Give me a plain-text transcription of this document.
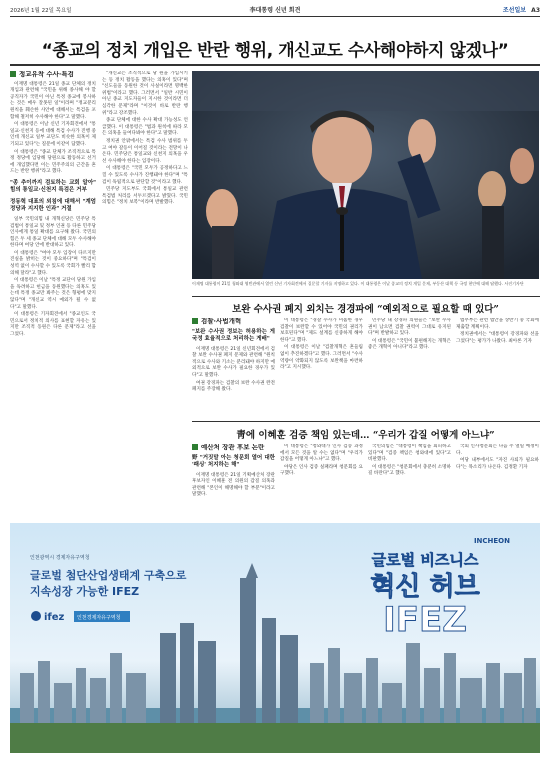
2026년 1월 22일 목요일	李대통령 신년 회견	조선일보 A3
“종교의 정치 개입은 반란 행위, 개신교도 수사해야하지 않겠나”
정교유착 수사·특검

이재명 대통령은 21일 종교 단체의 정치 개입과 관련해 "국민을 위해 종사해 야 할 공직자가 국민이 아닌 특정 종교에 봉사하는 것은 매우 잘못된 일"이라며 "정교분리 원칙을 훼손한 사안에 대해서는 특검을 포함해 철저히 수사해야 한다"고 말했다.

이 대통령은 이날 신년 기자회견에서 "통일교·신천지 등에 대해 특검 수사가 진행 중인데 개신교 일부 교단도 비슷한 의혹이 제기되고 있다"는 질문에 이같이 답했다.

이 대통령은 "종교 단체가 조직적으로 특정 정당에 입당해 당원으로 활동하고 선거에 개입했다면 이는 민주주의의 근간을 흔드는 반란 행위"라고 했다.

"종 추이까지 검토하는 교회 알아" 힘의 통일교·신천지 특검은 거부
정동혁 대표의 외침에 대해서 "계엄 정당과 지지한 인과" 거절

일부 국민의힘 내 개혁신당은 민주당 특검법이 통일교 및 정부 인권 등 다른 민주당 인사에게 통일 확대를 요구해 왔다. 국민의힘은 두 세 종교 단체에 대해 모두 수사해야 한다며 여당 안에 반대하고 있다.

이 대통령은 "여야 모두 입장이 다르지만 진실을 밝히는 것이 중요하다"며 "특검이 성역 없이 수사할 수 있도록 국회가 빨리 합의해 달라"고 했다.

이 대통령은 이날 "특정 교단이 당원 가입을 독려하고 헌금을 동원했다는 의혹도 있는데 특정 종교만 봐주는 것은 형평에 맞지 않다"며 "개신교 역시 예외가 될 수 없다"고 말했다.

이 대통령은 기자회견에서 "종교인도 국민으로서 정치적 의사를 표현할 자유는 있지만 조직적 동원은 다른 문제"라고 선을 그었다.

"개신교는 조직적으로 당 원을 가입시키는 등 정치 활동을 했다는 의혹이 있다"며 "신도들을 동원한 것이 사실이라면 명백한 위법"이라고 했다. 그러면서 "일반 시민이 아닌 종교 지도자들이 지시한 것이라면 더 심각한 문제"라며 "이것이 바로 반란 행위"라고 강조했다.

종교 단체에 대한 수사 확대 가능성도 언급했다. 이 대통령은 "법과 원칙에 따라 모든 의혹을 들여다봐야 한다"고 말했다.

정치권 안팎에서는 특검 수사 범위를 두고 여야 갈등이 이어질 것이라는 전망이 나온다. 민주당은 통일교와 신천지 의혹을 우선 수사해야 한다는 입장이다.

이 대통령은 "국민 모두가 공정하다고 느낄 수 있도록 수사가 진행돼야 한다"며 "특검이 독립적으로 판단할 것"이라고 했다.

민주당 지도부도 국회에서 통일교 관련 특검법 처리를 서두르겠다고 밝혔다. 국민의힘은 "정치 보복"이라며 반발했다.

이재명 대통령이 21일 청와대 영빈관에서 열린 신년 기자회견에서 질문할 기자를 지명하고 있다. 이 대통령은 이날 종교의 정치 개입 문제, 부동산 대책 등 국정 현안에 대해 답했다. 사진기자단
보완 수사권 폐지 외치는 경경파에 “예외적으로 필요할 때 있다”
검찰·사법개혁
"보완 수사권 정보는 허용하는 게 국정 효율적으로 처리하는 게배"

이재명 대통령은 21일 신년회견에서 검찰 보완 수사권 폐지 문제와 관련해 "원칙적으로 수사와 기소는 분리돼야 하지만 예외적으로 보완 수사가 필요한 경우가 있다"고 말했다.

여권 강경파는 검찰의 보완 수사권 완전 폐지를 주장해 왔다.

이 대통령은 "경찰 수사가 미흡한 경우 검찰이 보완할 수 있어야 국민의 권리가 보호된다"며 "제도 설계를 신중하게 해야 한다"고 했다.

이 대통령은 이날 "검찰개혁은 흔들림 없이 추진하겠다"고 했다. 그러면서 "수사 역량이 약화되지 않도록 보완책을 마련하라"고 지시했다.

민주당 내 강경파 의원들은 "보완 수사권이 남으면 검찰 권력이 그대로 유지된다"며 반발하고 있다.

이 대통령은 "국민이 불편해지는 개혁은 좋은 개혁이 아니다"라고 했다.

법무부는 관련 법안을 상반기 중 국회에 제출할 계획이다.

정치권에서는 "대통령이 강경파와 선을 그었다"는 평가가 나왔다. 최아론 기자

靑에 이혜훈 검증 책임 있는데… “우리가 갑질 어떻게 아느냐”
예산처 장관 후보 논란
野 "거짓말 아는 청문회 열어 대한 '패싱' 처지하는 해"

이재명 대통령은 21일 기획예산처 장관 후보자인 이혜훈 전 의원의 갑질 의혹과 관련해 "본인이 해명해야 할 부분"이라고 말했다.

이 대통령은 "청와대가 인사 검증 과정에서 모든 것을 알 수는 없다"며 "우리가 갑질을 어떻게 아느냐"고 했다.

야당은 인사 검증 실패라며 청문회를 요구했다.

국민의힘은 "대통령이 책임을 회피하고 있다"며 "검증 책임은 청와대에 있다"고 비판했다.

이 대통령은 "청문회에서 충분히 소명하길 바란다"고 했다.

국회 인사청문회는 다음 주 열릴 예정이다.

여당 내부에서도 "자진 사퇴가 필요하다"는 목소리가 나온다. 김정환 기자

인천광역시 경제자유구역청
글로벌 첨단산업생태계 구축으로
지속성장 가능한 IFEZ
ifez	인천경제자유구역청
INCHEON
글로벌 비즈니스
혁신 허브
IFEZ
